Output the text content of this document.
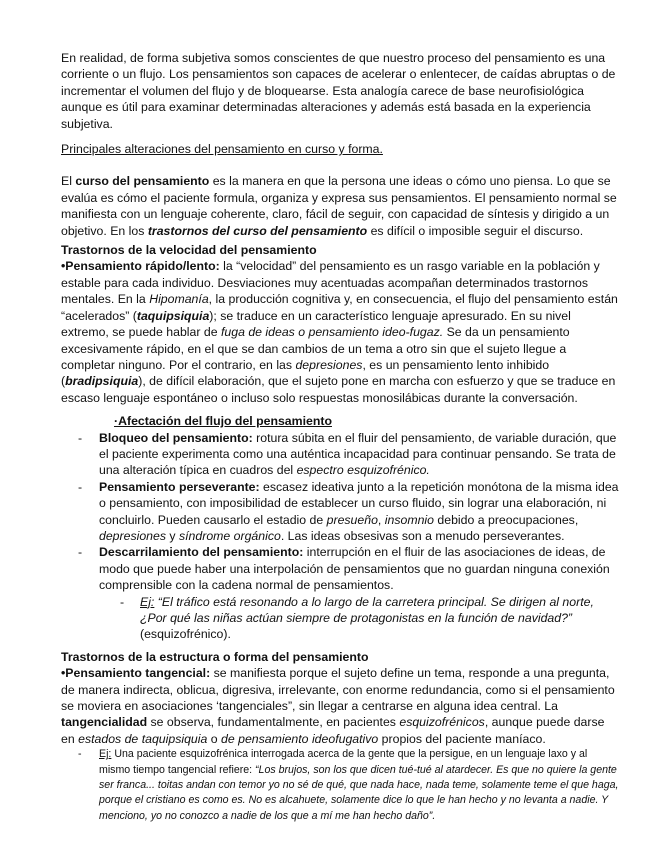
En realidad, de forma subjetiva somos conscientes de que nuestro proceso del pensamiento es una corriente o un flujo. Los pensamientos son capaces de acelerar o enlentecer, de caídas abruptas o de incrementar el volumen del flujo y de bloquearse. Esta analogía carece de base neurofisiológica aunque es útil para examinar determinadas alteraciones y además está basada en la experiencia subjetiva.

Principales alteraciones del pensamiento en curso y forma.

El curso del pensamiento es la manera en que la persona une ideas o cómo uno piensa. Lo que se evalúa es cómo el paciente formula, organiza y expresa sus pensamientos. El pensamiento normal se manifiesta con un lenguaje coherente, claro, fácil de seguir, con capacidad de síntesis y dirigido a un objetivo. En los trastornos del curso del pensamiento es difícil o imposible seguir el discurso.

Trastornos de la velocidad del pensamiento

•Pensamiento rápido/lento: la “velocidad” del pensamiento es un rasgo variable en la población y estable para cada individuo. Desviaciones muy acentuadas acompañan determinados trastornos mentales. En la Hipomanía, la producción cognitiva y, en consecuencia, el flujo del pensamiento están “acelerados” (taquipsiquia); se traduce en un característico lenguaje apresurado. En su nivel extremo, se puede hablar de fuga de ideas o pensamiento ideo-fugaz. Se da un pensamiento excesivamente rápido, en el que se dan cambios de un tema a otro sin que el sujeto llegue a completar ninguno. Por el contrario, en las depresiones, es un pensamiento lento inhibido (bradipsiquia), de difícil elaboración, que el sujeto pone en marcha con esfuerzo y que se traduce en escaso lenguaje espontáneo o incluso solo respuestas monosilábicas durante la conversación.

·Afectación del flujo del pensamiento

- Bloqueo del pensamiento: rotura súbita en el fluir del pensamiento, de variable duración, que el paciente experimenta como una auténtica incapacidad para continuar pensando. Se trata de una alteración típica en cuadros del espectro esquizofrénico.
- Pensamiento perseverante: escasez ideativa junto a la repetición monótona de la misma idea o pensamiento, con imposibilidad de establecer un curso fluido, sin lograr una elaboración, ni concluirlo. Pueden causarlo el estadio de presueño, insomnio debido a preocupaciones, depresiones y síndrome orgánico. Las ideas obsesivas son a menudo perseverantes.
- Descarrilamiento del pensamiento: interrupción en el fluir de las asociaciones de ideas, de modo que puede haber una interpolación de pensamientos que no guardan ninguna conexión comprensible con la cadena normal de pensamientos.

- Ej: “El tráfico está resonando a lo largo de la carretera principal. Se dirigen al norte, ¿Por qué las niñas actúan siempre de protagonistas en la función de navidad?” (esquizofrénico).

Trastornos de la estructura o forma del pensamiento

•Pensamiento tangencial: se manifiesta porque el sujeto define un tema, responde a una pregunta, de manera indirecta, oblicua, digresiva, irrelevante, con enorme redundancia, como si el pensamiento se moviera en asociaciones ‘tangenciales”, sin llegar a centrarse en alguna idea central. La tangencialidad se observa, fundamentalmente, en pacientes esquizofrénicos, aunque puede darse en estados de taquipsiquia o de pensamiento ideofugativo propios del paciente maníaco.

- Ej: Una paciente esquizofrénica interrogada acerca de la gente que la persigue, en un lenguaje laxo y al mismo tiempo tangencial refiere: “Los brujos, son los que dicen tué-tué al atardecer. Es que no quiere la gente ser franca... toitas andan con temor yo no sé de qué, que nada hace, nada teme, solamente teme el que haga, porque el cristiano es como es. No es alcahuete, solamente dice lo que le han hecho y no levanta a nadie. Y menciono, yo no conozco a nadie de los que a mí me han hecho daño”.
